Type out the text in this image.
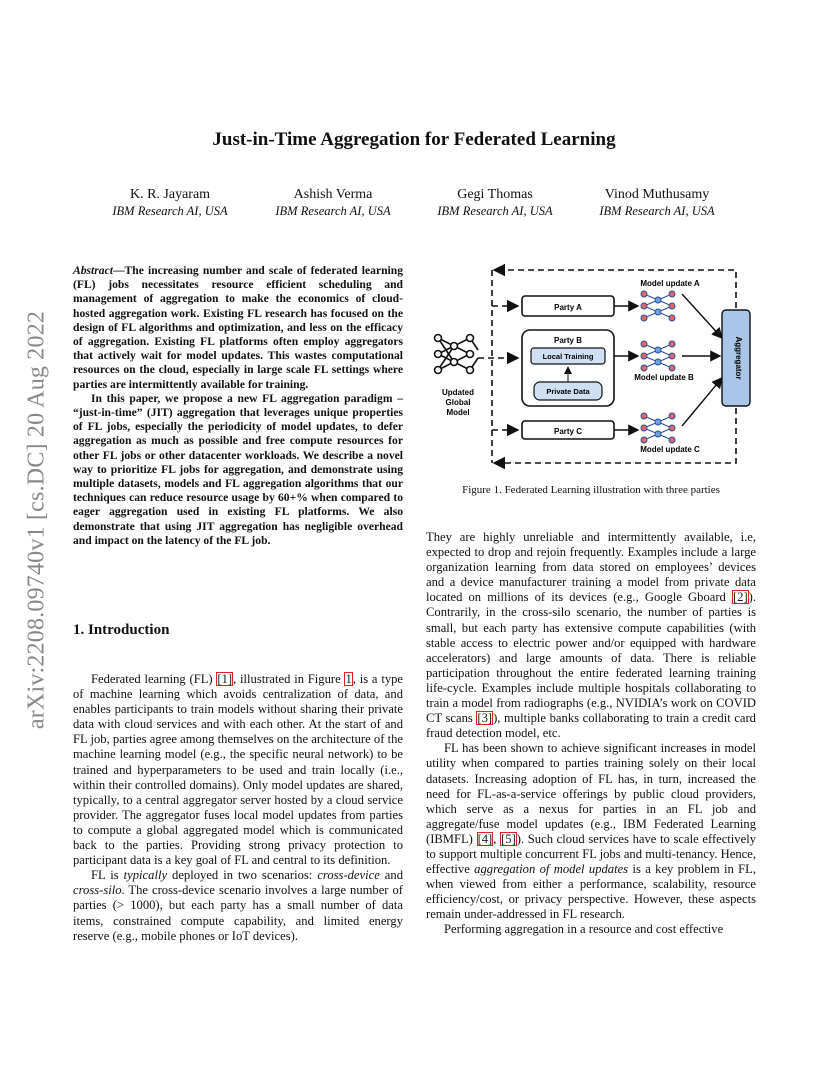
arXiv:2208.09740v1 [cs.DC] 20 Aug 2022
Just-in-Time Aggregation for Federated Learning
K. R. Jayaram
IBM Research AI, USA
Ashish Verma
IBM Research AI, USA
Gegi Thomas
IBM Research AI, USA
Vinod Muthusamy
IBM Research AI, USA

Abstract—The increasing number and scale of federated learning (FL) jobs necessitates resource efficient scheduling and management of aggregation to make the economics of cloud-hosted aggregation work. Existing FL research has focused on the design of FL algorithms and optimization, and less on the efficacy of aggregation. Existing FL platforms often employ aggregators that actively wait for model updates. This wastes computational resources on the cloud, especially in large scale FL settings where parties are intermittently available for training.

In this paper, we propose a new FL aggregation paradigm – “just-in-time” (JIT) aggregation that leverages unique properties of FL jobs, especially the periodicity of model updates, to defer aggregation as much as possible and free compute resources for other FL jobs or other datacenter workloads. We describe a novel way to prioritize FL jobs for aggregation, and demonstrate using multiple datasets, models and FL aggregation algorithms that our techniques can reduce resource usage by 60+% when compared to eager aggregation used in existing FL platforms. We also demonstrate that using JIT aggregation has negligible overhead and impact on the latency of the FL job.

1. Introduction

Federated learning (FL) [1], illustrated in Figure 1, is a type of machine learning which avoids centralization of data, and enables participants to train models without sharing their private data with cloud services and with each other. At the start of and FL job, parties agree among themselves on the architecture of the machine learning model (e.g., the specific neural network) to be trained and hyperparameters to be used and train locally (i.e., within their controlled domains). Only model updates are shared, typically, to a central aggregator server hosted by a cloud service provider. The aggregator fuses local model updates from parties to compute a global aggregated model which is communicated back to the parties. Providing strong privacy protection to participant data is a key goal of FL and central to its definition.

FL is typically deployed in two scenarios: cross-device and cross-silo. The cross-device scenario involves a large number of parties (> 1000), but each party has a small number of data items, constrained compute capability, and limited energy reserve (e.g., mobile phones or IoT devices).

Updated
Global
Model
Party A
Party B
Local Training
Private Data
Party C
Model update A
Model update B
Model update C
Aggregator
Figure 1. Federated Learning illustration with three parties

They are highly unreliable and intermittently available, i.e, expected to drop and rejoin frequently. Examples include a large organization learning from data stored on employees’ devices and a device manufacturer training a model from private data located on millions of its devices (e.g., Google Gboard [2]). Contrarily, in the cross-silo scenario, the number of parties is small, but each party has extensive compute capabilities (with stable access to electric power and/or equipped with hardware accelerators) and large amounts of data. There is reliable participation throughout the entire federated learning training life-cycle. Examples include multiple hospitals collaborating to train a model from radiographs (e.g., NVIDIA’s work on COVID CT scans [3]), multiple banks collaborating to train a credit card fraud detection model, etc.

FL has been shown to achieve significant increases in model utility when compared to parties training solely on their local datasets. Increasing adoption of FL has, in turn, increased the need for FL-as-a-service offerings by public cloud providers, which serve as a nexus for parties in an FL job and aggregate/fuse model updates (e.g., IBM Federated Learning (IBMFL) [4], [5]). Such cloud services have to scale effectively to support multiple concurrent FL jobs and multi-tenancy. Hence, effective aggregation of model updates is a key problem in FL, when viewed from either a performance, scalability, resource efficiency/cost, or privacy perspective. However, these aspects remain under-addressed in FL research.

Performing aggregation in a resource and cost effective
